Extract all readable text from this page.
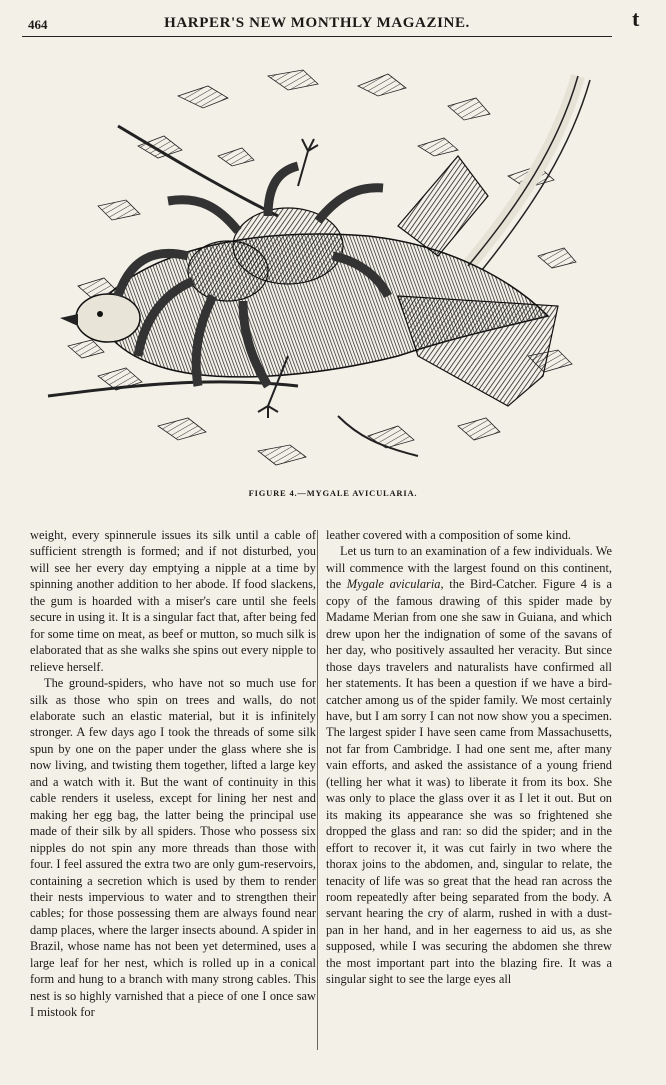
464	HARPER'S NEW MONTHLY MAGAZINE.	t
FIGURE 4.—MYGALE AVICULARIA.

weight, every spinnerule issues its silk until a cable of sufficient strength is formed; and if not disturbed, you will see her every day emptying a nipple at a time by spinning another addition to her abode. If food slackens, the gum is hoarded with a miser's care until she feels secure in using it. It is a singular fact that, after being fed for some time on meat, as beef or mutton, so much silk is elaborated that as she walks she spins out every nipple to relieve herself.

The ground-spiders, who have not so much use for silk as those who spin on trees and walls, do not elaborate such an elastic material, but it is infinitely stronger. A few days ago I took the threads of some silk spun by one on the paper under the glass where she is now living, and twisting them together, lifted a large key and a watch with it. But the want of continuity in this cable renders it useless, except for lining her nest and making her egg bag, the latter being the principal use made of their silk by all spiders. Those who possess six nipples do not spin any more threads than those with four. I feel assured the extra two are only gum-reservoirs, containing a secretion which is used by them to render their nests impervious to water and to strengthen their cables; for those possessing them are always found near damp places, where the larger insects abound. A spider in Brazil, whose name has not been yet determined, uses a large leaf for her nest, which is rolled up in a conical form and hung to a branch with many strong cables. This nest is so highly varnished that a piece of one I once saw I mistook for

leather covered with a composition of some kind.

Let us turn to an examination of a few individuals. We will commence with the largest found on this continent, the Mygale avicularia, the Bird-Catcher. Figure 4 is a copy of the famous drawing of this spider made by Madame Merian from one she saw in Guiana, and which drew upon her the indignation of some of the savans of her day, who positively assaulted her veracity. But since those days travelers and naturalists have confirmed all her statements. It has been a question if we have a bird-catcher among us of the spider family. We most certainly have, but I am sorry I can not now show you a specimen. The largest spider I have seen came from Massachusetts, not far from Cambridge. I had one sent me, after many vain efforts, and asked the assistance of a young friend (telling her what it was) to liberate it from its box. She was only to place the glass over it as I let it out. But on its making its appearance she was so frightened she dropped the glass and ran: so did the spider; and in the effort to recover it, it was cut fairly in two where the thorax joins to the abdomen, and, singular to relate, the tenacity of life was so great that the head ran across the room repeatedly after being separated from the body. A servant hearing the cry of alarm, rushed in with a dust-pan in her hand, and in her eagerness to aid us, as she supposed, while I was securing the abdomen she threw the most important part into the blazing fire. It was a singular sight to see the large eyes all
